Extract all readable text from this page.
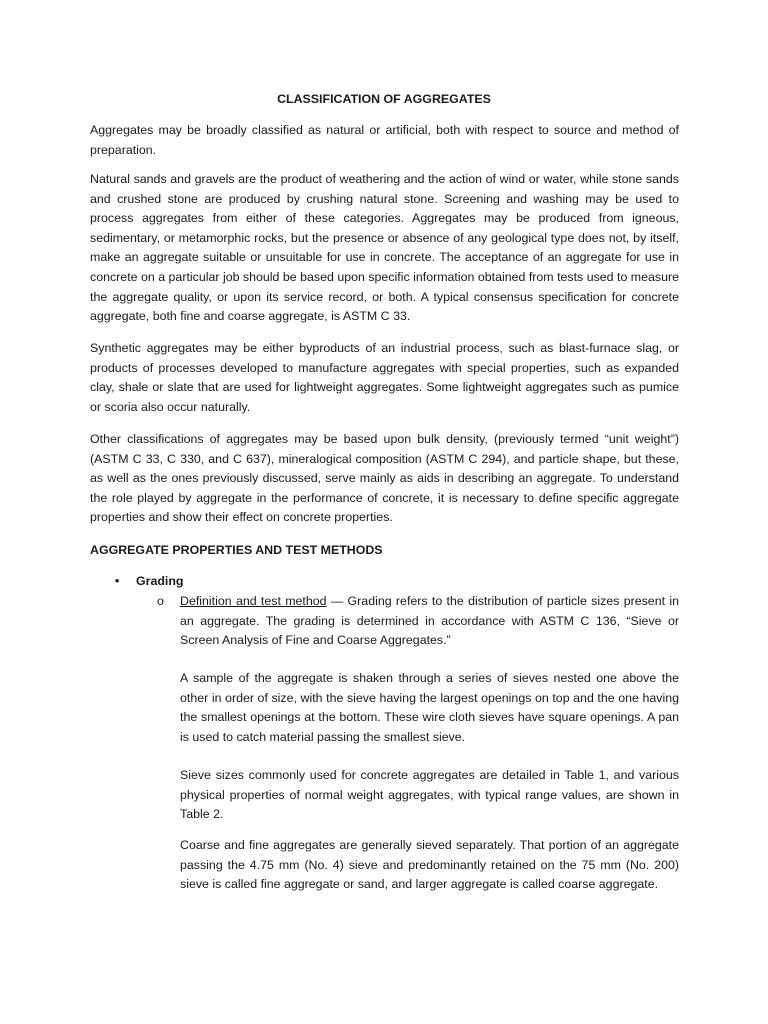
CLASSIFICATION OF AGGREGATES

Aggregates may be broadly classified as natural or artificial, both with respect to source and method of preparation.

Natural sands and gravels are the product of weathering and the action of wind or water, while stone sands and crushed stone are produced by crushing natural stone. Screening and washing may be used to process aggregates from either of these categories. Aggregates may be produced from igneous, sedimentary, or metamorphic rocks, but the presence or absence of any geological type does not, by itself, make an aggregate suitable or unsuitable for use in concrete. The acceptance of an aggregate for use in concrete on a particular job should be based upon specific information obtained from tests used to measure the aggregate quality, or upon its service record, or both. A typical consensus specification for concrete aggregate, both fine and coarse aggregate, is ASTM C 33.

Synthetic aggregates may be either byproducts of an industrial process, such as blast-furnace slag, or products of processes developed to manufacture aggregates with special properties, such as expanded clay, shale or slate that are used for lightweight aggregates. Some lightweight aggregates such as pumice or scoria also occur naturally.

Other classifications of aggregates may be based upon bulk density, (previously termed “unit weight”) (ASTM C 33, C 330, and C 637), mineralogical composition (ASTM C 294), and particle shape, but these, as well as the ones previously discussed, serve mainly as aids in describing an aggregate. To understand the role played by aggregate in the performance of concrete, it is necessary to define specific aggregate properties and show their effect on concrete properties.

AGGREGATE PROPERTIES AND TEST METHODS
• Grading
o Definition and test method — Grading refers to the distribution of particle sizes present in an aggregate. The grading is determined in accordance with ASTM C 136, “Sieve or Screen Analysis of Fine and Coarse Aggregates.”

A sample of the aggregate is shaken through a series of sieves nested one above the other in order of size, with the sieve having the largest openings on top and the one having the smallest openings at the bottom. These wire cloth sieves have square openings. A pan is used to catch material passing the smallest sieve.

Sieve sizes commonly used for concrete aggregates are detailed in Table 1, and various physical properties of normal weight aggregates, with typical range values, are shown in Table 2.

Coarse and fine aggregates are generally sieved separately. That portion of an aggregate passing the 4.75 mm (No. 4) sieve and predominantly retained on the 75 mm (No. 200) sieve is called fine aggregate or sand, and larger aggregate is called coarse aggregate.
